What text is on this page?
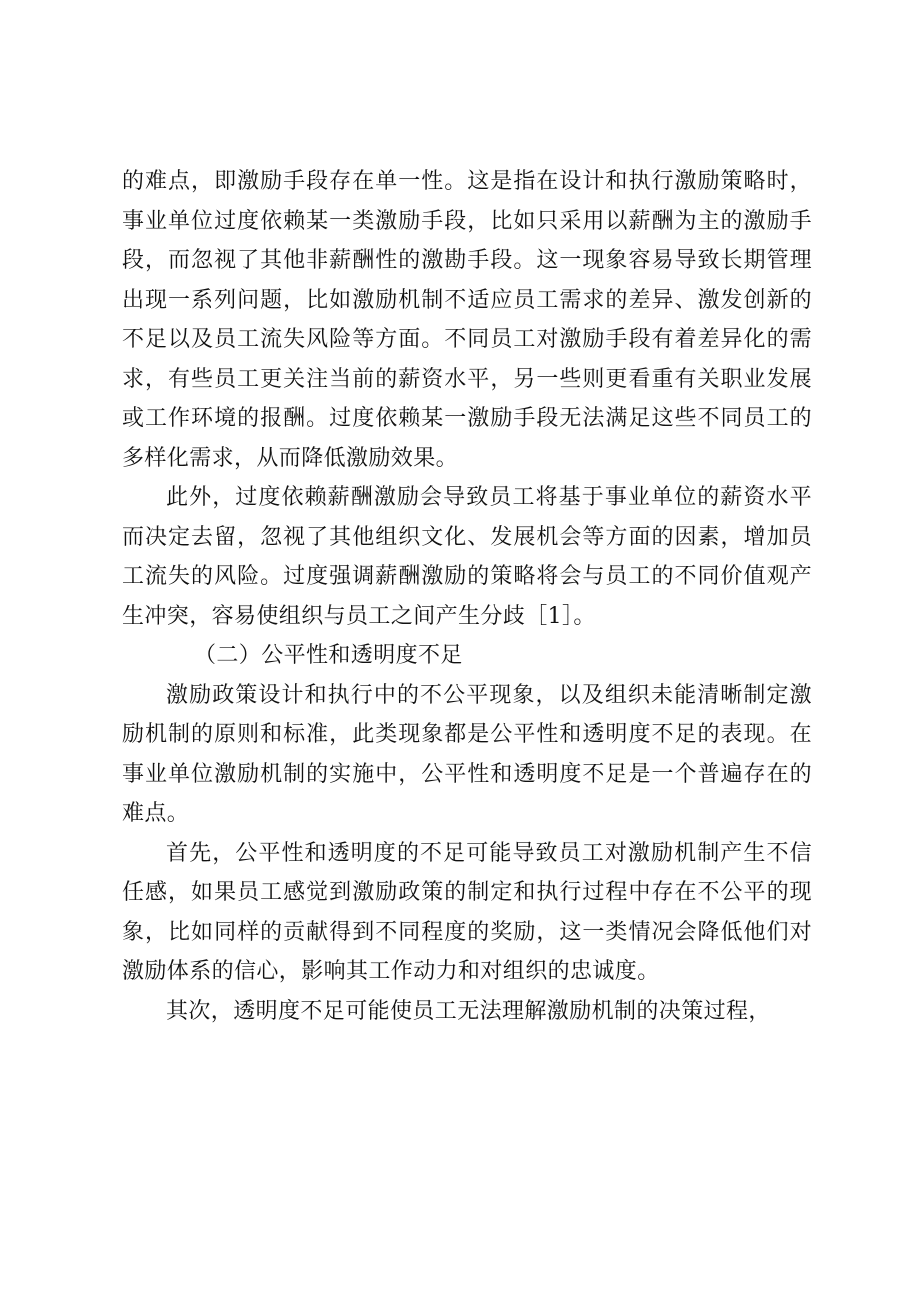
的难点，即激励手段存在单一性。这是指在设计和执行激励策略时，事业单位过度依赖某一类激励手段，比如只采用以薪酬为主的激励手段，而忽视了其他非薪酬性的激勘手段。这一现象容易导致长期管理出现一系列问题，比如激励机制不适应员工需求的差异、激发创新的不足以及员工流失风险等方面。不同员工对激励手段有着差异化的需求，有些员工更关注当前的薪资水平，另一些则更看重有关职业发展或工作环境的报酬。过度依赖某一激励手段无法满足这些不同员工的多样化需求，从而降低激励效果。

此外，过度依赖薪酬激励会导致员工将基于事业单位的薪资水平而决定去留，忽视了其他组织文化、发展机会等方面的因素，增加员工流失的风险。过度强调薪酬激励的策略将会与员工的不同价值观产生冲突，容易使组织与员工之间产生分歧［1］。

（二）公平性和透明度不足

激励政策设计和执行中的不公平现象，以及组织未能清晰制定激励机制的原则和标准，此类现象都是公平性和透明度不足的表现。在事业单位激励机制的实施中，公平性和透明度不足是一个普遍存在的难点。

首先，公平性和透明度的不足可能导致员工对激励机制产生不信任感，如果员工感觉到激励政策的制定和执行过程中存在不公平的现象，比如同样的贡献得到不同程度的奖励，这一类情况会降低他们对激励体系的信心，影响其工作动力和对组织的忠诚度。

其次，透明度不足可能使员工无法理解激励机制的决策过程，
